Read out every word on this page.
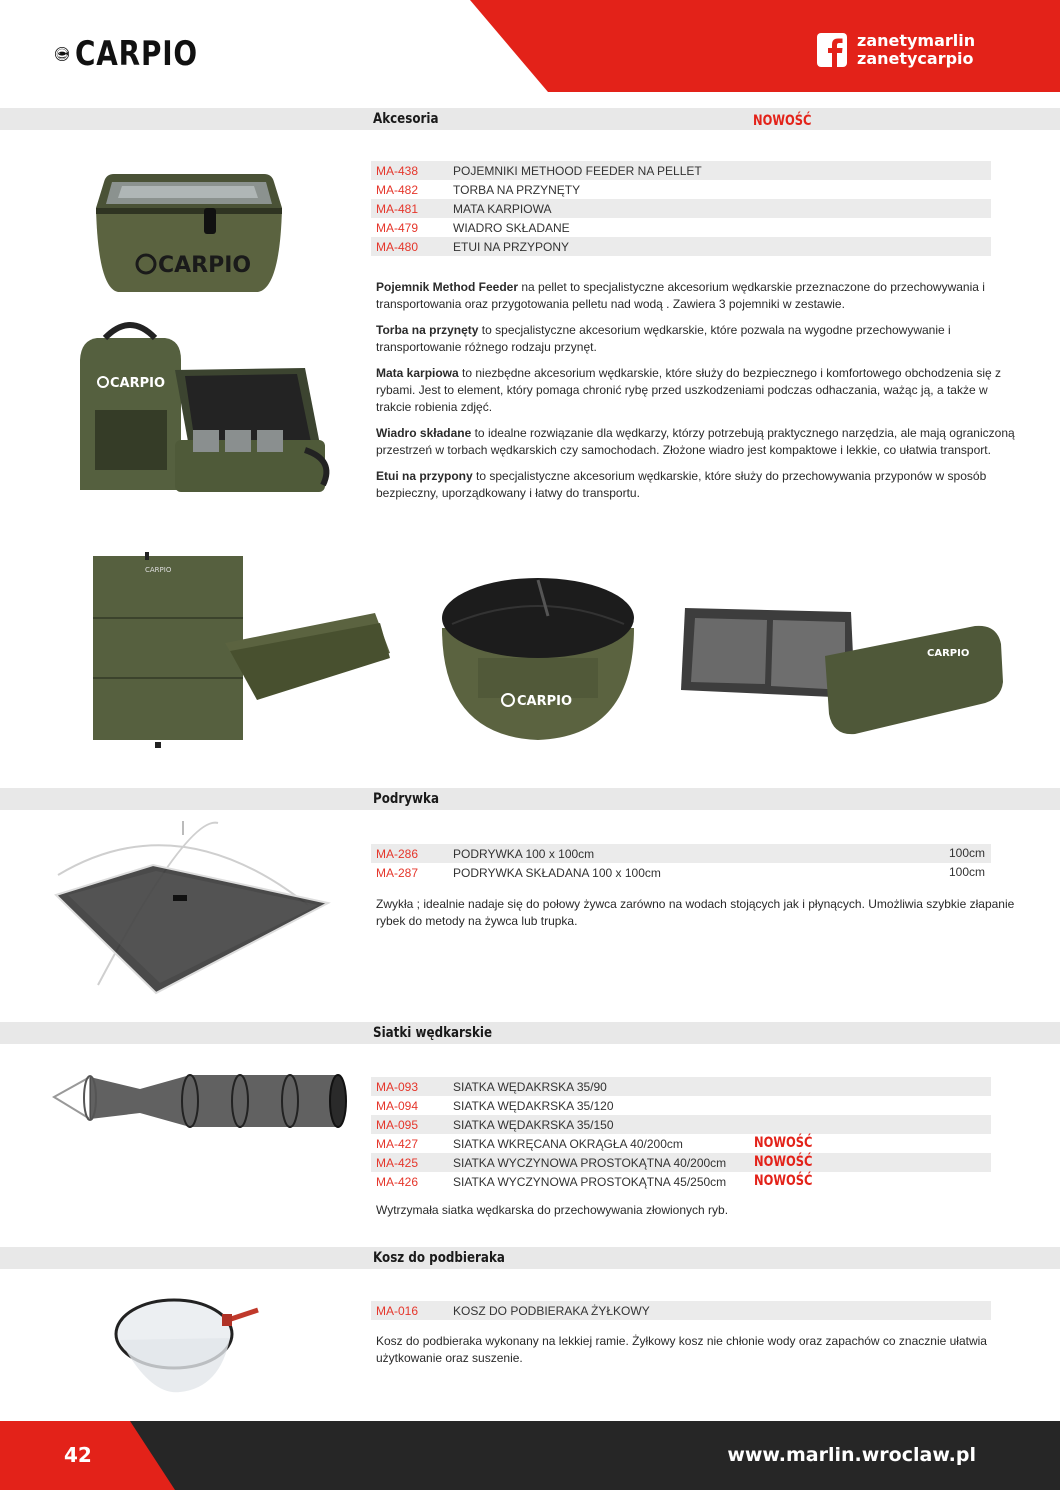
CARPIO	zanetymarlin
zanetycarpio
Akcesoria	NOWOŚĆ
CARPIO
CARPIO
MA-438	POJEMNIKI METHOOD FEEDER NA PELLET
MA-482	TORBA NA PRZYNĘTY
MA-481	MATA KARPIOWA
MA-479	WIADRO SKŁADANE
MA-480	ETUI NA PRZYPONY

Pojemnik Method Feeder na pellet to specjalistyczne akcesorium wędkarskie przeznaczone do przechowywania i transportowania oraz przygotowania pelletu nad wodą . Zawiera 3 pojemniki w zestawie.

Torba na przynęty to specjalistyczne akcesorium wędkarskie, które pozwala na wygodne przechowywanie i transportowanie różnego rodzaju przynęt.

Mata karpiowa to niezbędne akcesorium wędkarskie, które służy do bezpiecznego i komfortowego obchodzenia się z rybami. Jest to element, który pomaga chronić rybę przed uszkodzeniami podczas odhaczania, ważąc ją, a także w trakcie robienia zdjęć.

Wiadro składane to idealne rozwiązanie dla wędkarzy, którzy potrzebują praktycznego narzędzia, ale mają ograniczoną przestrzeń w torbach wędkarskich czy samochodach. Złożone wiadro jest kompaktowe i lekkie, co ułatwia transport.

Etui na przypony to specjalistyczne akcesorium wędkarskie, które służy do przechowywania przyponów w sposób bezpieczny, uporządkowany i łatwy do transportu.

CARPIO
CARPIO
CARPIO
Podrywka
MA-286	PODRYWKA 100 x 100cm	100cm
MA-287	PODRYWKA SKŁADANA 100 x 100cm	100cm
Zwykła ; idealnie nadaje się do połowy żywca zarówno na wodach stojących jak i płynących. Umożliwia szybkie złapanie rybek do metody na żywca lub trupka.
Siatki wędkarskie
MA-093	SIATKA WĘDAKRSKA 35/90
MA-094	SIATKA WĘDAKRSKA 35/120
MA-095	SIATKA WĘDAKRSKA 35/150
MA-427	SIATKA WKRĘCANA OKRĄGŁA 40/200cm	NOWOŚĆ
MA-425	SIATKA WYCZYNOWA PROSTOKĄTNA 40/200cm	NOWOŚĆ
MA-426	SIATKA WYCZYNOWA PROSTOKĄTNA 45/250cm	NOWOŚĆ
Wytrzymała siatka wędkarska do przechowywania złowionych ryb.
Kosz do podbieraka
MA-016	KOSZ DO PODBIERAKA ŻYŁKOWY
Kosz do podbieraka wykonany na lekkiej ramie. Żyłkowy kosz nie chłonie wody oraz zapachów co znacznie ułatwia użytkowanie oraz suszenie.
42	www.marlin.wroclaw.pl
